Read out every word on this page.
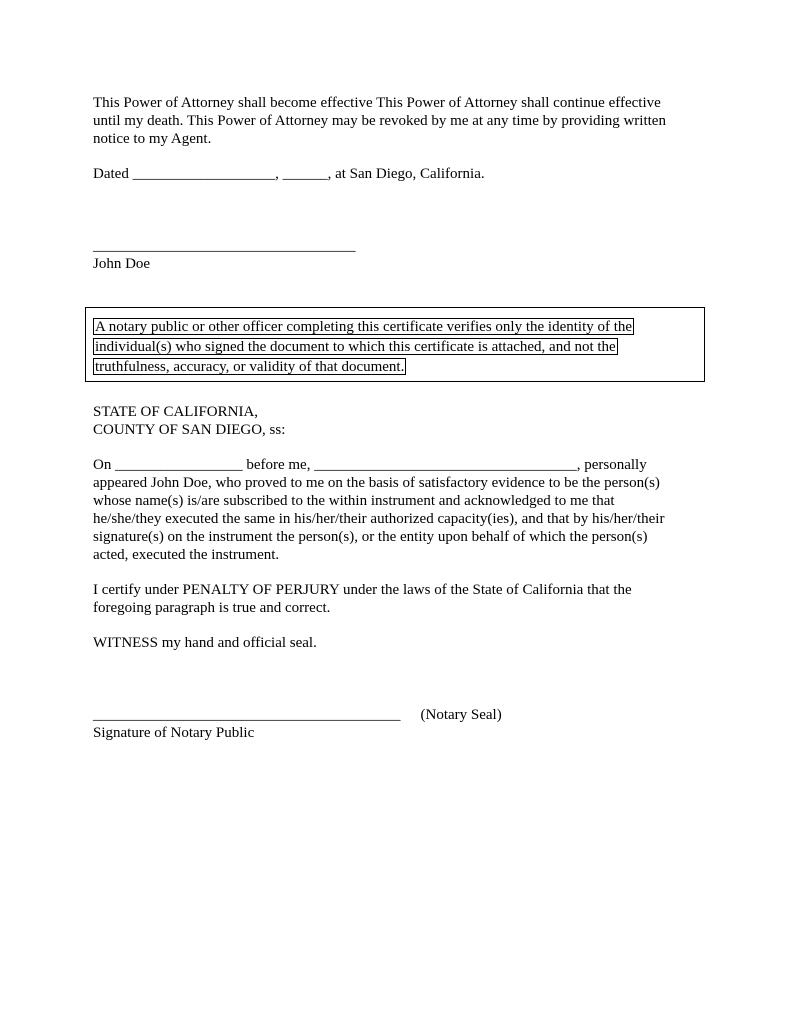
This Power of Attorney shall become effective This Power of Attorney shall continue effective
until my death. This Power of Attorney may be revoked by me at any time by providing written
notice to my Agent.

Dated ___________________, ______, at San Diego, California.

___________________________________
John Doe

A notary public or other officer completing this certificate verifies only the identity of the
individual(s) who signed the document to which this certificate is attached, and not the
truthfulness, accuracy, or validity of that document.

STATE OF CALIFORNIA,
COUNTY OF SAN DIEGO, ss:

On _________________ before me, ___________________________________, personally
appeared John Doe, who proved to me on the basis of satisfactory evidence to be the person(s)
whose name(s) is/are subscribed to the within instrument and acknowledged to me that
he/she/they executed the same in his/her/their authorized capacity(ies), and that by his/her/their
signature(s) on the instrument the person(s), or the entity upon behalf of which the person(s)
acted, executed the instrument.

I certify under PENALTY OF PERJURY under the laws of the State of California that the
foregoing paragraph is true and correct.

WITNESS my hand and official seal.

_________________________________________ (Notary Seal)
Signature of Notary Public
